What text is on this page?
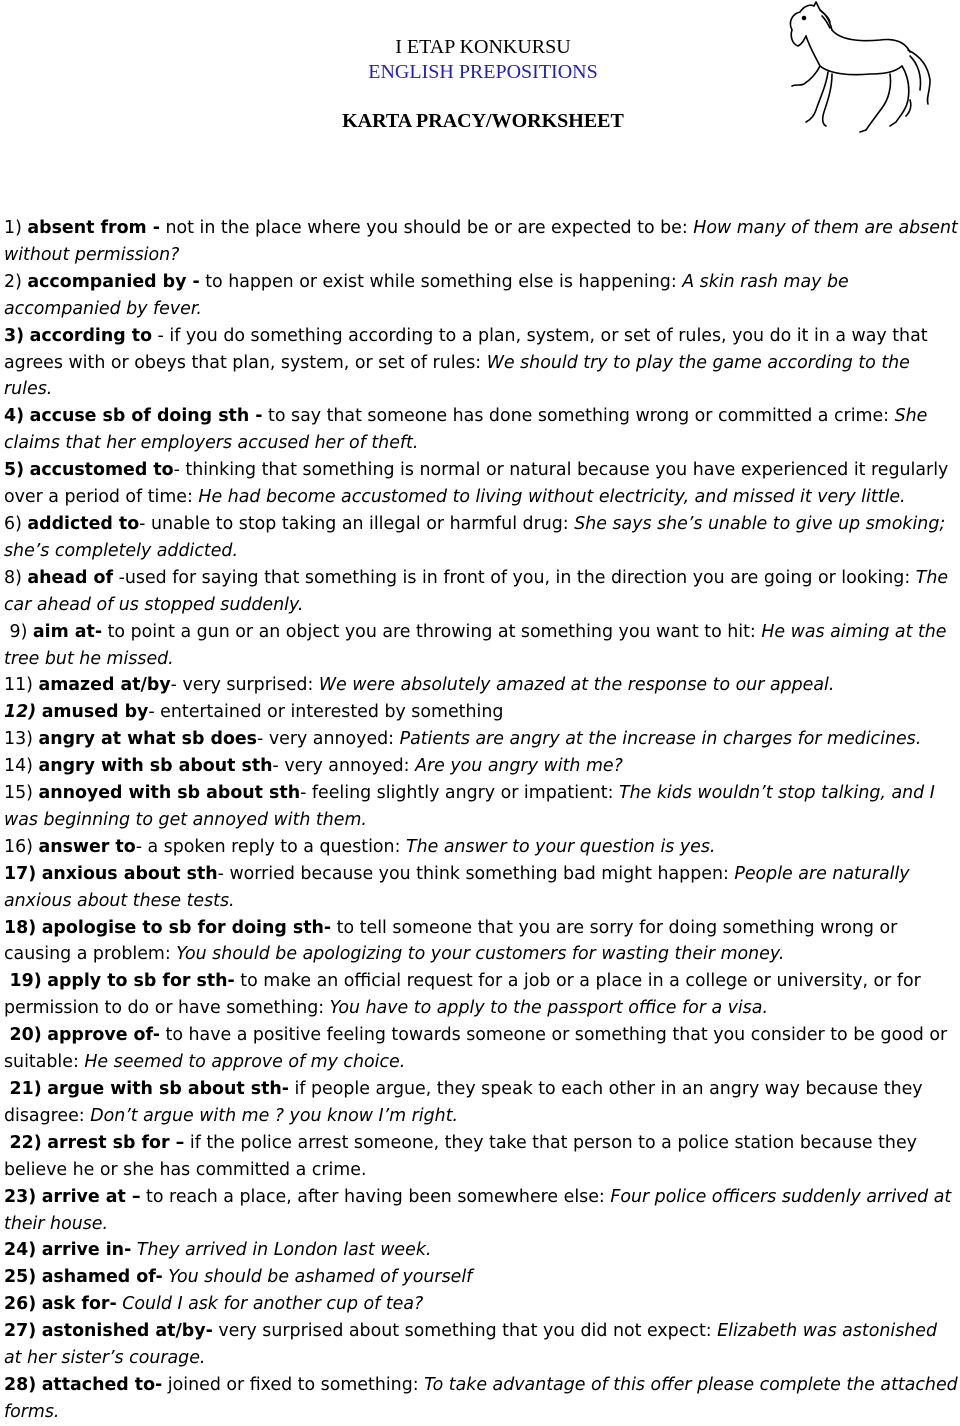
I ETAP KONKURSU
ENGLISH PREPOSITIONS
KARTA PRACY/WORKSHEET

1) absent from - not in the place where you should be or are expected to be: How many of them are absent without permission?

2) accompanied by - to happen or exist while something else is happening: A skin rash may be accompanied by fever.

3) according to - if you do something according to a plan, system, or set of rules, you do it in a way that agrees with or obeys that plan, system, or set of rules: We should try to play the game according to the rules.

4) accuse sb of doing sth - to say that someone has done something wrong or committed a crime: She claims that her employers accused her of theft.

5) accustomed to- thinking that something is normal or natural because you have experienced it regularly over a period of time: He had become accustomed to living without electricity, and missed it very little.

6) addicted to- unable to stop taking an illegal or harmful drug: She says she’s unable to give up smoking; she’s completely addicted.

8) ahead of -used for saying that something is in front of you, in the direction you are going or looking: The car ahead of us stopped suddenly.

9) aim at- to point a gun or an object you are throwing at something you want to hit: He was aiming at the tree but he missed.

11) amazed at/by- very surprised: We were absolutely amazed at the response to our appeal.

12) amused by- entertained or interested by something

13) angry at what sb does- very annoyed: Patients are angry at the increase in charges for medicines.

14) angry with sb about sth- very annoyed: Are you angry with me?

15) annoyed with sb about sth- feeling slightly angry or impatient: The kids wouldn’t stop talking, and I was beginning to get annoyed with them.

16) answer to- a spoken reply to a question: The answer to your question is yes.

17) anxious about sth- worried because you think something bad might happen: People are naturally anxious about these tests.

18) apologise to sb for doing sth- to tell someone that you are sorry for doing something wrong or causing a problem: You should be apologizing to your customers for wasting their money.

19) apply to sb for sth- to make an official request for a job or a place in a college or university, or for permission to do or have something: You have to apply to the passport office for a visa.

20) approve of- to have a positive feeling towards someone or something that you consider to be good or suitable: He seemed to approve of my choice.

21) argue with sb about sth- if people argue, they speak to each other in an angry way because they disagree: Don’t argue with me ? you know I’m right.

22) arrest sb for – if the police arrest someone, they take that person to a police station because they believe he or she has committed a crime.

23) arrive at – to reach a place, after having been somewhere else: Four police officers suddenly arrived at their house.

24) arrive in- They arrived in London last week.

25) ashamed of- You should be ashamed of yourself

26) ask for- Could I ask for another cup of tea?

27) astonished at/by- very surprised about something that you did not expect: Elizabeth was astonished at her sister’s courage.

28) attached to- joined or fixed to something: To take advantage of this offer please complete the attached forms.
